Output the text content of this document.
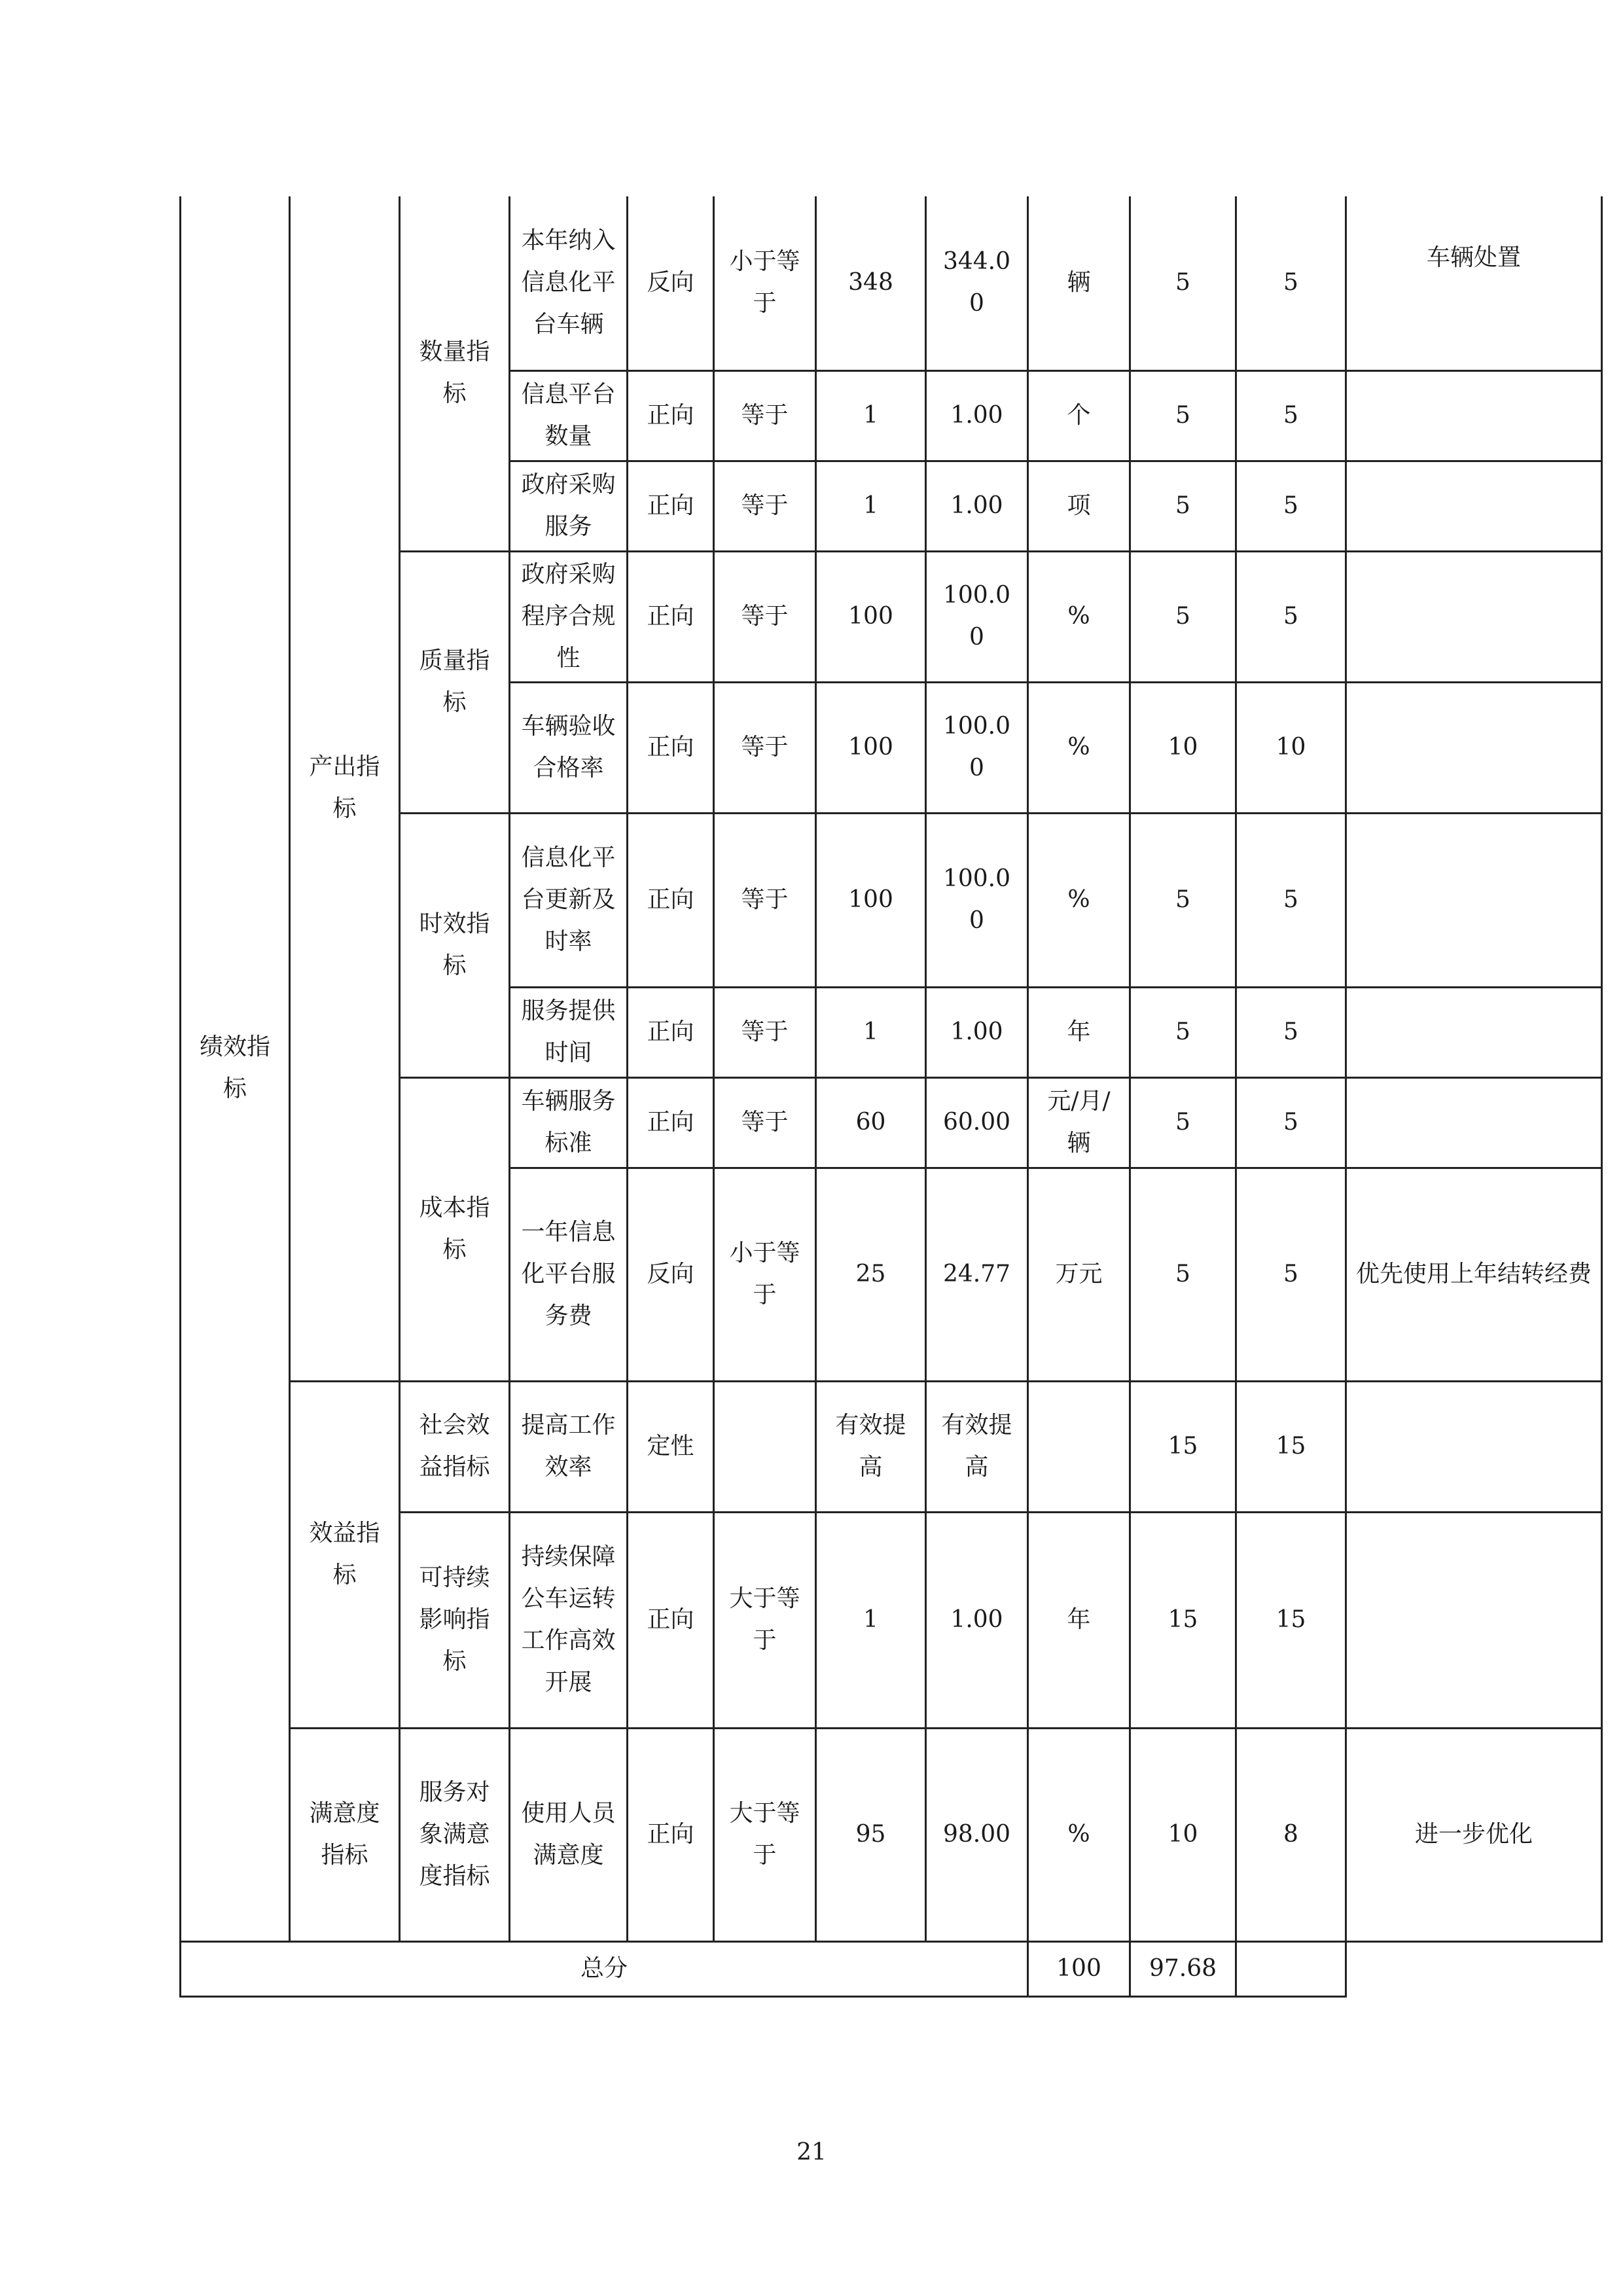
绩效指标	产出指标	数量指标	本年纳入信息化平台车辆	反向	小于等于	348	344.00	辆	5	5	车辆处置
			信息平台数量	正向	等于	1	1.00	个	5	5	
			政府采购服务	正向	等于	1	1.00	项	5	5	

		质量指标	政府采购程序合规性	正向	等于	100	100.00	%	5	5	
			车辆验收合格率	正向	等于	100	100.00	%	10	10	

		时效指标	信息化平台更新及时率	正向	等于	100	100.00	%	5	5	
			服务提供时间	正向	等于	1	1.00	年	5	5	

		成本指标	车辆服务标准	正向	等于	60	60.00	元/月/辆	5	5	
			一年信息化平台服务费	反向	小于等于	25	24.77	万元	5	5	优先使用上年结转经费

	效益指标	社会效益指标	提高工作效率	定性		有效提高	有效提高		15	15	

		可持续影响指标	持续保障公车运转工作高效开展	正向	大于等于	1	1.00	年	15	15	

	满意度指标	服务对象满意度指标	使用人员满意度	正向	大于等于	95	98.00	%	10	8	进一步优化
总分								100	97.68		
21
